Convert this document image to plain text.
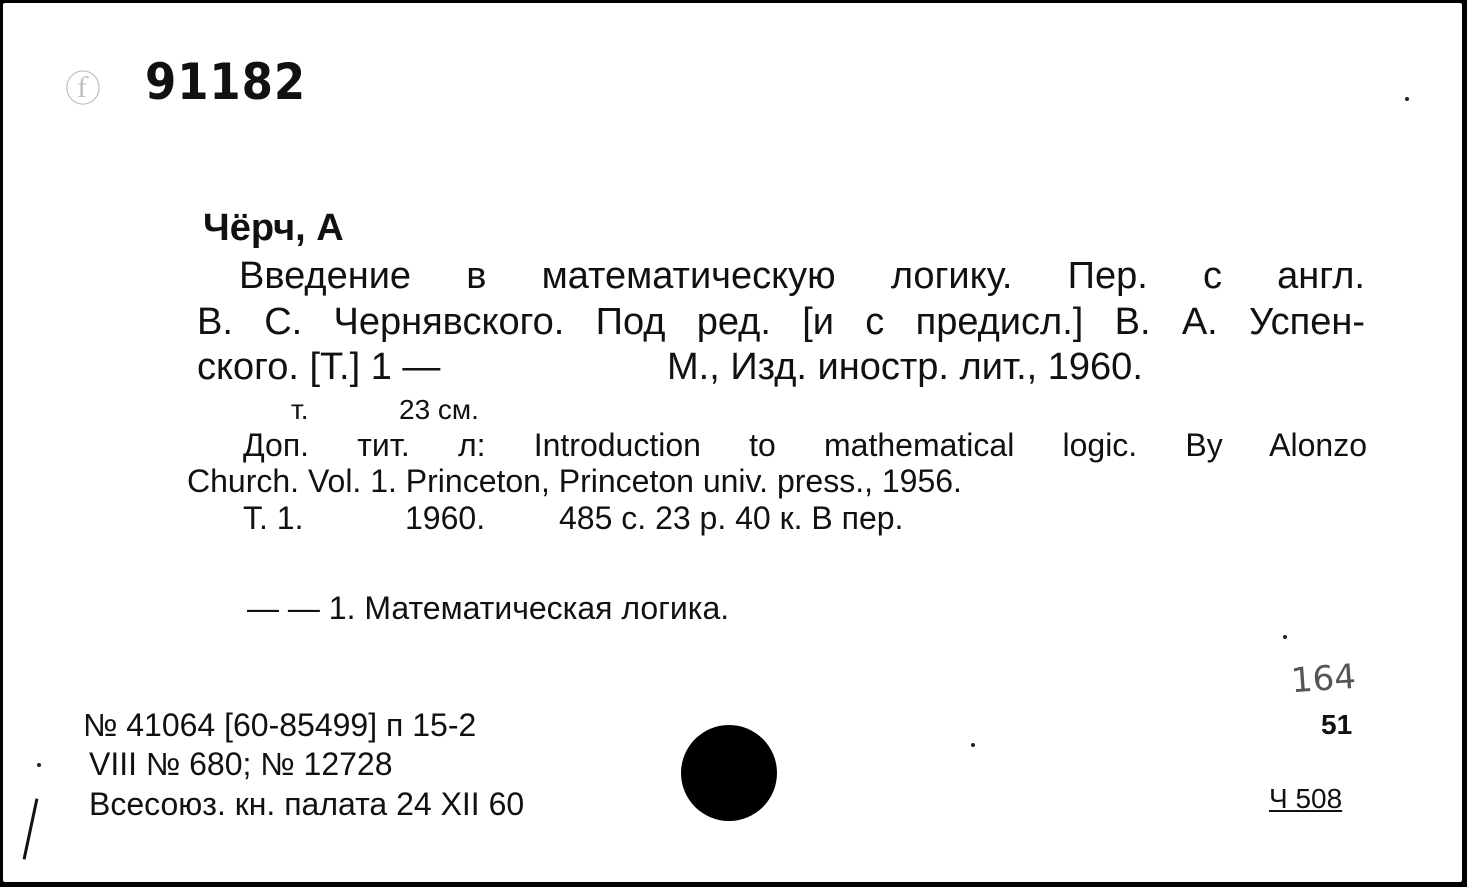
ⓕ 91182
Чёрч, А
Введение в математическую логику. Пер. с англ.
В. С. Чернявского. Под ред. [и с предисл.] В. А. Успен-
ского. [Т.] 1 —	М., Изд. иностр. лит., 1960.
т.	23 см.
Доп. тит. л: Introduction to mathematical logic. By Alonzo
Church. Vol. 1. Princeton, Princeton univ. press., 1956.
Т. 1.	1960. 485 с. 23 р. 40 к. В пер.
— — 1. Математическая логика.
№ 41064 [60-85499] п 15-2
VIII № 680; № 12728
Всесоюз. кн. палата 24 XII 60
164
51
Ч 508
